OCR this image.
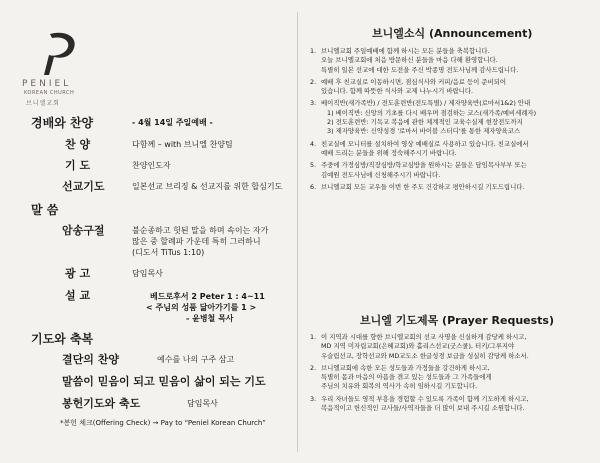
PENIEL
KOREAN CHURCH
브니엘교회
경배와 찬양	- 4월 14일 주일예배 -
찬 양	다함께 – with 브니엘 찬양팀
기 도	찬양인도자
선교기도	일본선교 브리징 & 선교지를 위한 합심기도
말 씀
암송구절	불순종하고 헛된 말을 하며 속이는 자가
많은 중 할례파 가운데 특히 그러하니
(디도서 TiTus 1:10)
광 고	담임목사
설 교	베드로후서 2 Peter 1 : 4~11
< 주님의 성품 닮아가기를 1 >
- 윤병철 목사
기도와 축복
결단의 찬양	예수를 나의 구주 삼고
말씀이 믿음이 되고 믿음이 삶이 되는 기도
봉헌기도와 축도	담임목사
*봉헌 체크(Offering Check) → Pay to “Peniel Korean Church”
브니엘소식 (Announcement)
1. 브니엘교회 주일예배에 함께 하시는 모든 분들을 축복합니다.
오늘 브니엘교회에 처음 방문하신 분들을 마음 다해 환영합니다.
특별히 일본 선교에 대한 도전을 주신 박종명 전도사님께 감사드립니다.
2. 예배 후 친교실로 이동하시면, 점심식사와 커피/음료 등이 준비되어
있습니다. 함께 따뜻한 식사와 교제 나누시기 바랍니다.
3. 베이직반(새가족반) / 전도훈련반(전도특별) / 제자양육반(로마서1&2) 안내
1) 베이직반: 신앙의 기초를 다시 배우며 점검하는 코스(새가족/예비세례자)
2) 전도훈련반: 기독교 복음에 관한 체계적인 교육수실제 현장전도까지
3) 제자양육반: 신약성경 '로마서 바이블 스터디'를 통한 제자양육코스
4. 친교실에 모니터를 설치하여 영상 예배실로 사용하고 있습니다. 친교실에서
예배 드리는 분들을 위해 정숙해주시기 바랍니다.
5. 주중에 가정심방/직장심방/학교심방을 원하시는 분들은 담임목사부부 또는
김예원 전도사님에 신청해주시기 바랍니다.
6. 브니엘교회 모든 교우들 이번 한 주도 건강하고 평안하시길 기도드립니다.
브니엘 기도제목 (Prayer Requests)
1. 이 지역과 시대를 향한 브니엘교회의 선교 사명을 신실하게 감당케 하시고,
MD 지역 미자립교회(은혜교회)와 홀리스선교(굿스쿨), 터키/그루지야
우슬림선교, 장학선교와 MD교도소 한글성경 보급을 성실히 감당케 하소서.
2. 브니엘교회에 속한 모든 성도들과 가정들을 강건하게 하시고,
특별히 몸과 마음의 아픔을 겪고 있는 성도들과 그 가족들에게
주님의 치유와 회복의 역사가 속히 임하시길 기도합니다.
3. 우리 자녀들도 영적 부흥을 경험할 수 있도록 가족이 함께 기도하게 하시고,
복음적이고 헌신적인 교사들/사역자들을 더 많이 보내 주시길 소원합니다.
